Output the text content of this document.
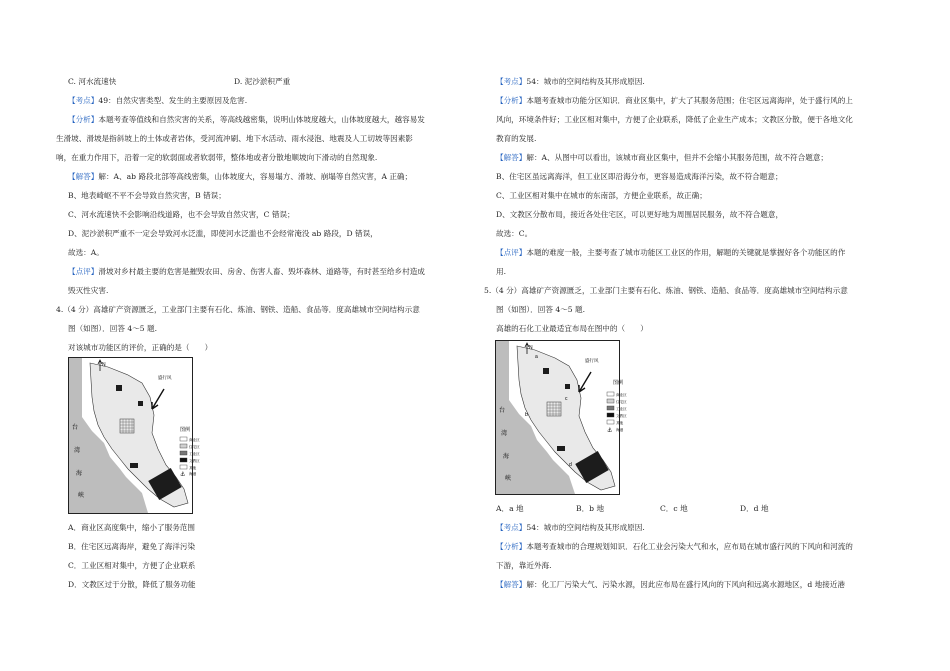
C. 河水流速快	D. 泥沙淤积严重
【考点】49：自然灾害类型、发生的主要原因及危害.
【分析】本题考查等值线和自然灾害的关系，等高线越密集，说明山体坡度越大，山体坡度越大，越容易发
生滑坡、滑坡是指斜坡上的土体或者岩体，受河流冲刷、地下水活动、雨水浸泡、地震及人工切坡等因素影
响，在重力作用下，沿着一定的软弱面或者软弱带，整体地或者分散地顺坡向下滑动的自然现象.
【解答】解：A、ab 路段北部等高线密集，山体坡度大，容易塌方、滑坡、崩塌等自然灾害，A 正确；
B、地表崎岖不平不会导致自然灾害，B 错误；
C、河水流速快不会影响沿线道路，也不会导致自然灾害，C 错误；
D、泥沙淤积严重不一定会导致河水泛滥，即使河水泛滥也不会经常淹没 ab 路段，D 错误，
故选：A。
【点评】滑坡对乡村最主要的危害是摧毁农田、房舍、伤害人畜、毁坏森林、道路等，有时甚至给乡村造成
毁灭性灾害.
4.（4 分）高雄矿产资源匮乏，工业部门主要有石化、炼油、钢铁、造船、食品等．度高雄城市空间结构示意
图（如图）．回答 4～5 题.
对该城市功能区的评价，正确的是（　　）
A．商业区高度集中，缩小了服务范围
B．住宅区远离海岸，避免了海洋污染
C．工业区相对集中，方便了企业联系
D．文教区过于分散，降低了服务功能
N
盛行风
台
湾
海
峡
图例
商业区
住宅区
工业区
文教区
其他
⚓ 海港
【考点】54：城市的空间结构及其形成原因.
【分析】本题考查城市功能分区知识．商业区集中，扩大了其服务范围；住宅区远离海岸，处于盛行风的上
风向，环境条件好；工业区相对集中，方便了企业联系，降低了企业生产成本；文教区分散，便于各地文化
教育的发展.
【解答】解：A、从图中可以看出，该城市商业区集中，但并不会缩小其服务范围，故不符合题意；
B、住宅区虽远离海洋，但工业区即沿海分布，更容易造成海洋污染，故不符合题意；
C、工业区相对集中在城市的东南部，方便企业联系，故正确；
D、文教区分散布局，接近各处住宅区，可以更好地为周围居民服务，故不符合题意，
故选：C。
【点评】本题的难度一般，主要考查了城市功能区工业区的作用，解题的关键就是掌握好各个功能区的作
用.
5.（4 分）高雄矿产资源匮乏，工业部门主要有石化、炼油、钢铁、造船、食品等．度高雄城市空间结构示意
图（如图）．回答 4～5 题.
高雄的石化工业最适宜布局在图中的（　　）
A．a 地	B．b 地	C．c 地	D．d 地
【考点】54：城市的空间结构及其形成原因.
【分析】本题考查城市的合理规划知识．石化工业会污染大气和水，应布局在城市盛行风的下风向和河流的
下游，靠近外海.
【解答】解：化工厂污染大气、污染水源，因此应布局在盛行风向的下风向和远离水源地区，d 地接近港
a
b
c
d
N
盛行风
台
湾
海
峡
图例
商业区
住宅区
工业区
文教区
其他
⚓ 海港
